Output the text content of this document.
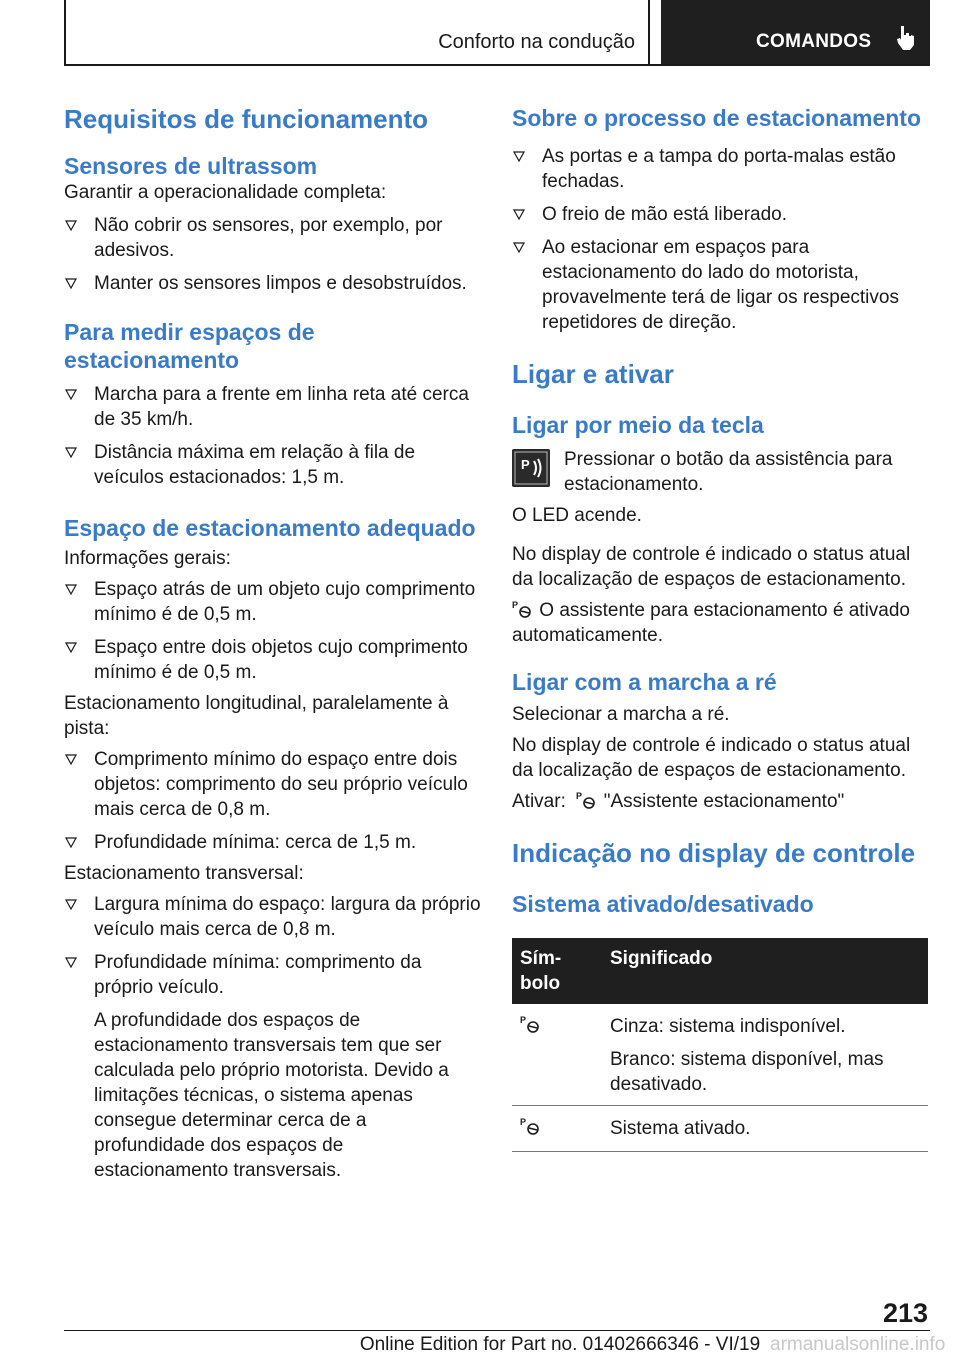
Conforto na condução	COMANDOS
Requisitos de funcionamento
Sensores de ultrassom

Garantir a operacionalidade completa:

Não cobrir os sensores, por exemplo, por adesivos.
Manter os sensores limpos e desobstruídos.
Para medir espaços de estacionamento
Marcha para a frente em linha reta até cerca de 35 km/h.
Distância máxima em relação à fila de veículos estacionados: 1,5 m.
Espaço de estacionamento adequado

Informações gerais:

Espaço atrás de um objeto cujo comprimento mínimo é de 0,5 m.
Espaço entre dois objetos cujo comprimento mínimo é de 0,5 m.

Estacionamento longitudinal, paralelamente à pista:

Comprimento mínimo do espaço entre dois objetos: comprimento do seu próprio veículo mais cerca de 0,8 m.
Profundidade mínima: cerca de 1,5 m.

Estacionamento transversal:

Largura mínima do espaço: largura da próprio veículo mais cerca de 0,8 m.
Profundidade mínima: comprimento da próprio veículo.

A profundidade dos espaços de estacionamento transversais tem que ser calculada pelo próprio motorista. Devido a limitações técnicas, o sistema apenas consegue determinar cerca de a profundidade dos espaços de estacionamento transversais.

Sobre o processo de estacionamento
As portas e a tampa do porta-malas estão fechadas.
O freio de mão está liberado.
Ao estacionar em espaços para estacionamento do lado do motorista, provavelmente terá de ligar os respectivos repetidores de direção.
Ligar e ativar
Ligar por meio da tecla
P Pressionar o botão da assistência para estacionamento.

O LED acende.

No display de controle é indicado o status atual da localização de espaços de estacionamento.

P O assistente para estacionamento é ativado automaticamente.

Ligar com a marcha a ré

Selecionar a marcha a ré.

No display de controle é indicado o status atual da localização de espaços de estacionamento.

Ativar: P "Assistente estacionamento"

Indicação no display de controle
Sistema ativado/desativado
Sím-bolo	Significado

P	Cinza: sistema indisponível.

Branco: sistema disponível, mas desativado.

P	Sistema ativado.
213
Online Edition for Part no. 01402666346 - VI/19 armanualsonline.info
